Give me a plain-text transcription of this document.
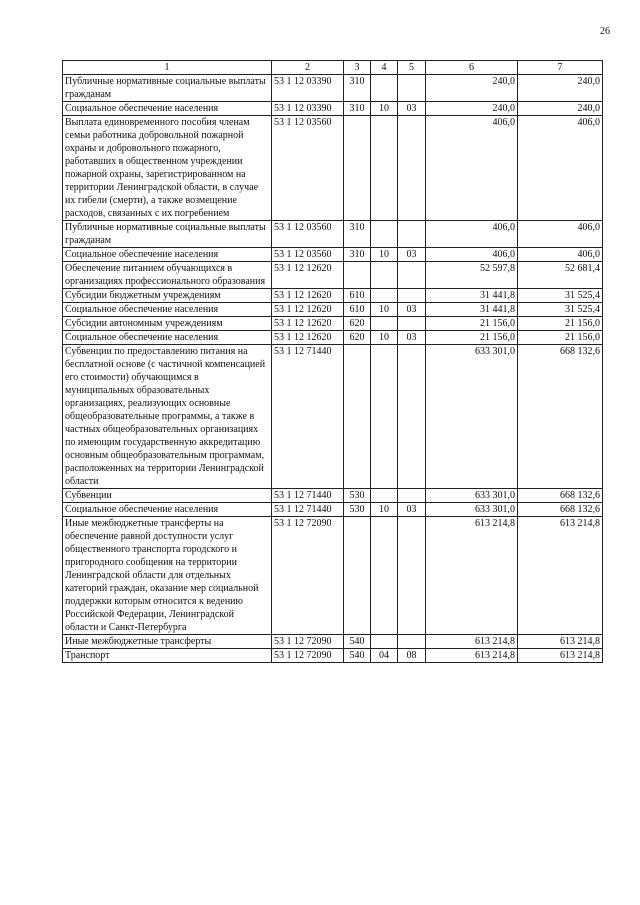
26
1	2	3	4	5	6	7
Публичные нормативные социальные выплаты гражданам	53 1 12 03390	310			240,0	240,0
Социальное обеспечение населения	53 1 12 03390	310	10	03	240,0	240,0
Выплата единовременного пособия членам семьи работника добровольной пожарной охраны и добровольного пожарного, работавших в общественном учреждении пожарной охраны, зарегистрированном на территории Ленинградской области, в случае их гибели (смерти), а также возмещение расходов, связанных с их погребением	53 1 12 03560				406,0	406,0
Публичные нормативные социальные выплаты гражданам	53 1 12 03560	310			406,0	406,0
Социальное обеспечение населения	53 1 12 03560	310	10	03	406,0	406,0
Обеспечение питанием обучающихся в организациях профессионального образования	53 1 12 12620				52 597,8	52 681,4
Субсидии бюджетным учреждениям	53 1 12 12620	610			31 441,8	31 525,4
Социальное обеспечение населения	53 1 12 12620	610	10	03	31 441,8	31 525,4
Субсидии автономным учреждениям	53 1 12 12620	620			21 156,0	21 156,0
Социальное обеспечение населения	53 1 12 12620	620	10	03	21 156,0	21 156,0
Субвенции по предоставлению питания на бесплатной основе (с частичной компенсацией его стоимости) обучающимся в муниципальных образовательных организациях, реализующих основные общеобразовательные программы, а также в частных общеобразовательных организациях по имеющим государственную аккредитацию основным общеобразовательным программам, расположенных на территории Ленинградской области	53 1 12 71440				633 301,0	668 132,6
Субвенции	53 1 12 71440	530			633 301,0	668 132,6
Социальное обеспечение населения	53 1 12 71440	530	10	03	633 301,0	668 132,6
Иные межбюджетные трансферты на обеспечение равной доступности услуг общественного транспорта городского и пригородного сообщения на территории Ленинградской области для отдельных категорий граждан, оказание мер социальной поддержки которым относится к ведению Российской Федерации, Ленинградской области и Санкт-Петербурга	53 1 12 72090				613 214,8	613 214,8
Иные межбюджетные трансферты	53 1 12 72090	540			613 214,8	613 214,8
Транспорт	53 1 12 72090	540	04	08	613 214,8	613 214,8
